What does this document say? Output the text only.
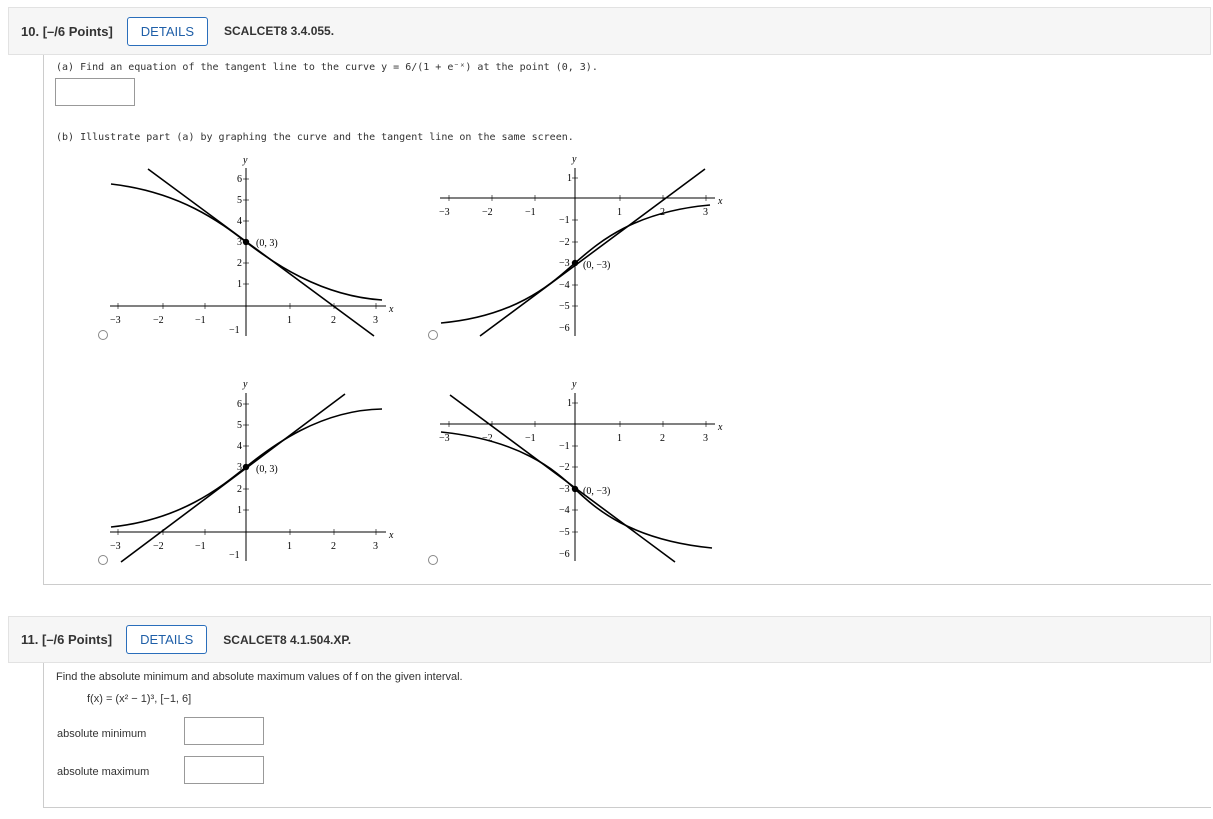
10. [–/6 Points]	DETAILS	SCALCET8 3.4.055.
(a) Find an equation of the tangent line to the curve y = 6/(1 + e⁻ˣ) at the point (0, 3).
(b) Illustrate part (a) by graphing the curve and the tangent line on the same screen.
y
x
(0, 3)
6
5
4
3
2
1
−1
−3	−2	−1	1	2	3
y
x
(0, −3)
1
−1
−2
−3
−4
−5
−6
−3	−2	−1	1	2	3
y
x
(0, 3)
6
5
4
3
2
1
−1
−3	−2	−1	1	2	3
y
x
(0, −3)
1
−1
−2
−3
−4
−5
−6
−3	−2	−1	1	2	3
11. [–/6 Points]	DETAILS	SCALCET8 4.1.504.XP.
Find the absolute minimum and absolute maximum values of f on the given interval.
f(x) = (x² − 1)³, [−1, 6]
absolute minimum
absolute maximum
